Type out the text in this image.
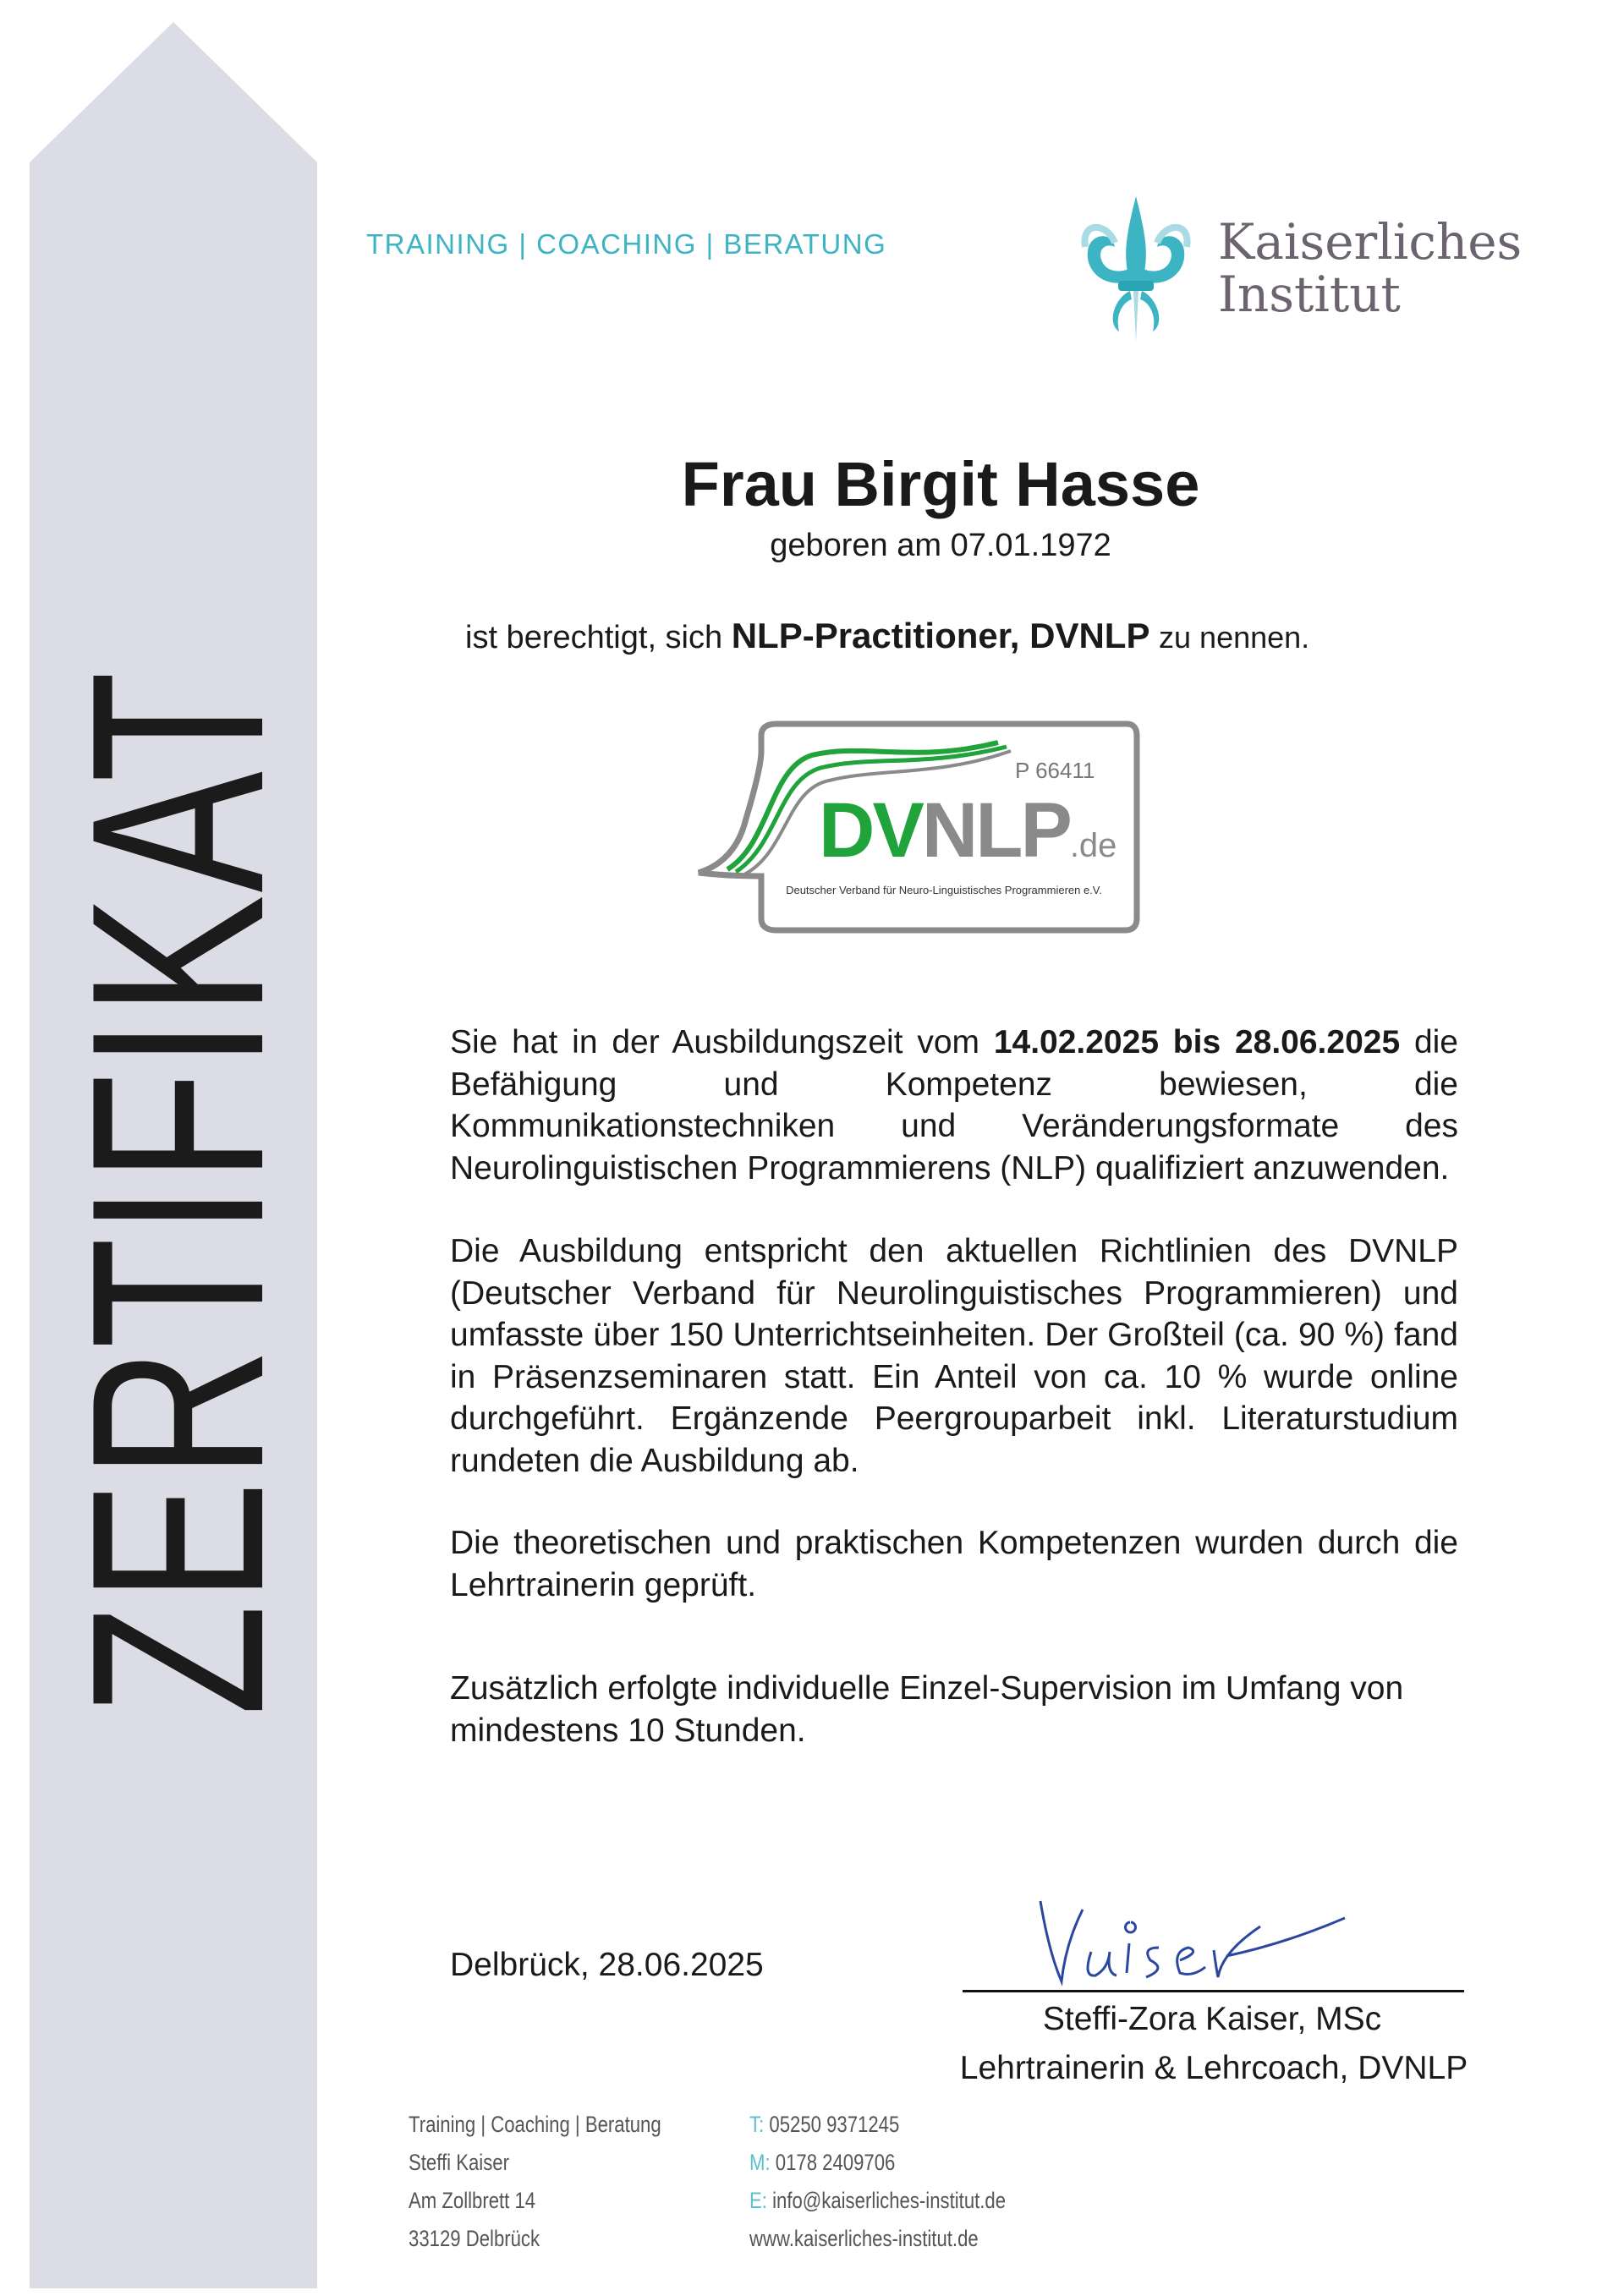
ZERTIFIKAT
TRAINING | COACHING | BERATUNG	Kaiserliches
Institut
Frau Birgit Hasse
geboren am 07.01.1972
ist berechtigt, sich NLP-Practitioner, DVNLP zu nennen.
P 66411
DVNLP.de
Deutscher Verband für Neuro-Linguistisches Programmieren e.V.
Sie hat in der Ausbildungszeit vom 14.02.2025 bis 28.06.2025 die Befähigung und Kompetenz bewiesen, die Kommunikationstechniken und Veränderungsformate des Neurolinguistischen Programmierens (NLP) qualifiziert anzuwenden.
Die Ausbildung entspricht den aktuellen Richtlinien des DVNLP (Deutscher Verband für Neurolinguistisches Programmieren) und umfasste über 150 Unterrichtseinheiten. Der Großteil (ca. 90 %) fand in Präsenzseminaren statt. Ein Anteil von ca. 10 % wurde online durchgeführt. Ergänzende Peergrouparbeit inkl. Literaturstudium rundeten die Ausbildung ab.
Die theoretischen und praktischen Kompetenzen wurden durch die Lehrtrainerin geprüft.
Zusätzlich erfolgte individuelle Einzel-Supervision im Umfang von mindestens 10 Stunden.
Delbrück, 28.06.2025
Steffi-Zora Kaiser, MSc
Lehrtrainerin & Lehrcoach, DVNLP
Training | Coaching | Beratung
Steffi Kaiser
Am Zollbrett 14
33129 Delbrück
T: 05250 9371245
M: 0178 2409706
E: info@kaiserliches-institut.de
www.kaiserliches-institut.de
